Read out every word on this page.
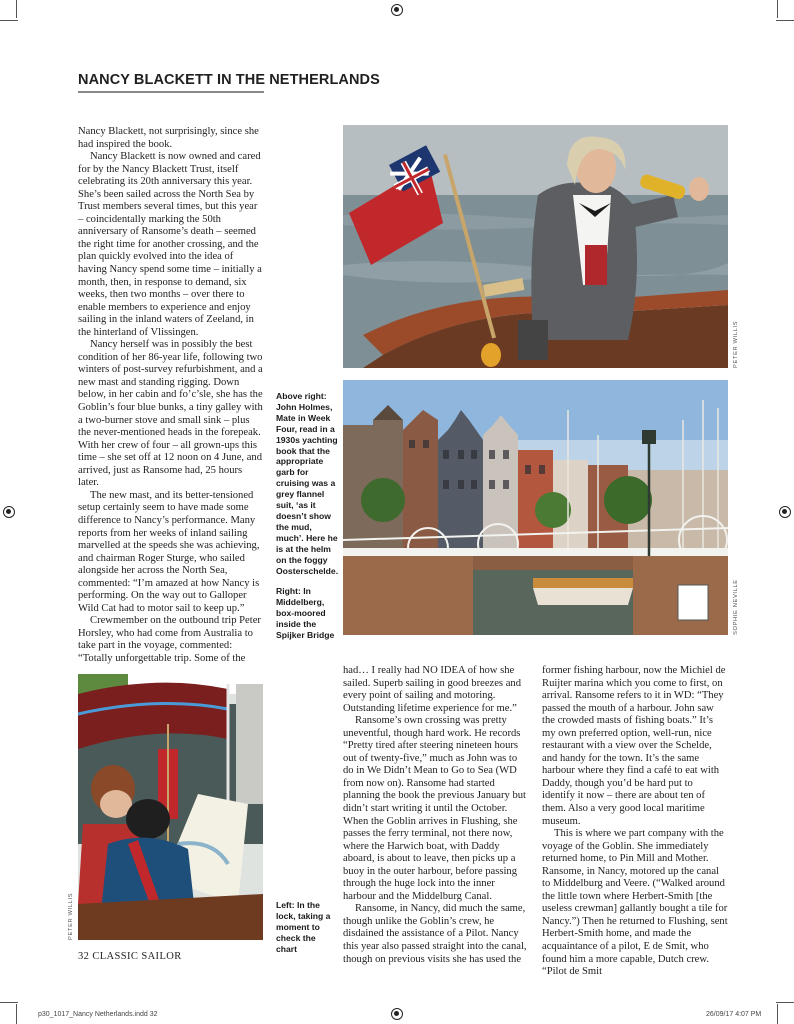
NANCY BLACKETT IN THE NETHERLANDS

Nancy Blackett, not surprisingly, since she had inspired the book.

Nancy Blackett is now owned and cared for by the Nancy Blackett Trust, itself celebrating its 20th anniversary this year. She’s been sailed across the North Sea by Trust members several times, but this year – coincidentally marking the 50th anniversary of Ransome’s death – seemed the right time for another crossing, and the plan quickly evolved into the idea of having Nancy spend some time – initially a month, then, in response to demand, six weeks, then two months – over there to enable members to experience and enjoy sailing in the inland waters of Zeeland, in the hinterland of Vlissingen.

Nancy herself was in possibly the best condition of her 86-year life, following two winters of post-survey refurbishment, and a new mast and standing rigging. Down below, in her cabin and fo’c’sle, she has the Goblin’s four blue bunks, a tiny galley with a two-burner stove and small sink – plus the never-mentioned heads in the forepeak. With her crew of four – all grown-ups this time – she set off at 12 noon on 4 June, and arrived, just as Ransome had, 25 hours later.

The new mast, and its better-tensioned setup certainly seem to have made some difference to Nancy’s performance. Many reports from her weeks of inland sailing marvelled at the speeds she was achieving, and chairman Roger Sturge, who sailed alongside her across the North Sea, commented: “I’m amazed at how Nancy is performing. On the way out to Galloper Wild Cat had to motor sail to keep up.”

Crewmember on the outbound trip Peter Horsley, who had come from Australia to take part in the voyage, commented: “Totally unforgettable trip. Some of the

Above right: John Holmes, Mate in Week Four, read in a 1930s yachting book that the appropriate garb for cruising was a grey flannel suit, ‘as it doesn’t show the mud, much’. Here he is at the helm on the foggy Oosterschelde.
Right: In Middelberg, box-moored inside the Spijker Bridge
PETER WILLIS
SOPHIE NEVILLE
PETER WILLIS	Left: In the lock, taking a moment to check the chart

had… I really had NO IDEA of how she sailed. Superb sailing in good breezes and every point of sailing and motoring. Outstanding lifetime experience for me.”

Ransome’s own crossing was pretty uneventful, though hard work. He records “Pretty tired after steering nineteen hours out of twenty-five,” much as John was to do in We Didn’t Mean to Go to Sea (WD from now on). Ransome had started planning the book the previous January but didn’t start writing it until the October. When the Goblin arrives in Flushing, she passes the ferry terminal, not there now, where the Harwich boat, with Daddy aboard, is about to leave, then picks up a buoy in the outer harbour, before passing through the huge lock into the inner harbour and the Middelburg Canal.

Ransome, in Nancy, did much the same, though unlike the Goblin’s crew, he disdained the assistance of a Pilot. Nancy this year also passed straight into the canal, though on previous visits she has used the

former fishing harbour, now the Michiel de Ruijter marina which you come to first, on arrival. Ransome refers to it in WD: “They passed the mouth of a harbour. John saw the crowded masts of fishing boats.” It’s my own preferred option, well-run, nice restaurant with a view over the Schelde, and handy for the town. It’s the same harbour where they find a café to eat with Daddy, though you’d be hard put to identify it now – there are about ten of them. Also a very good local maritime museum.

This is where we part company with the voyage of the Goblin. She immediately returned home, to Pin Mill and Mother. Ransome, in Nancy, motored up the canal to Middelburg and Veere. (“Walked around the little town where Herbert-Smith [the useless crewman] gallantly bought a tile for Nancy.”) Then he returned to Flushing, sent Herbert-Smith home, and made the acquaintance of a pilot, E de Smit, who found him a more capable, Dutch crew. “Pilot de Smit

32 CLASSIC SAILOR
p30_1017_Nancy Netherlands.indd 32	26/09/17 4:07 PM
